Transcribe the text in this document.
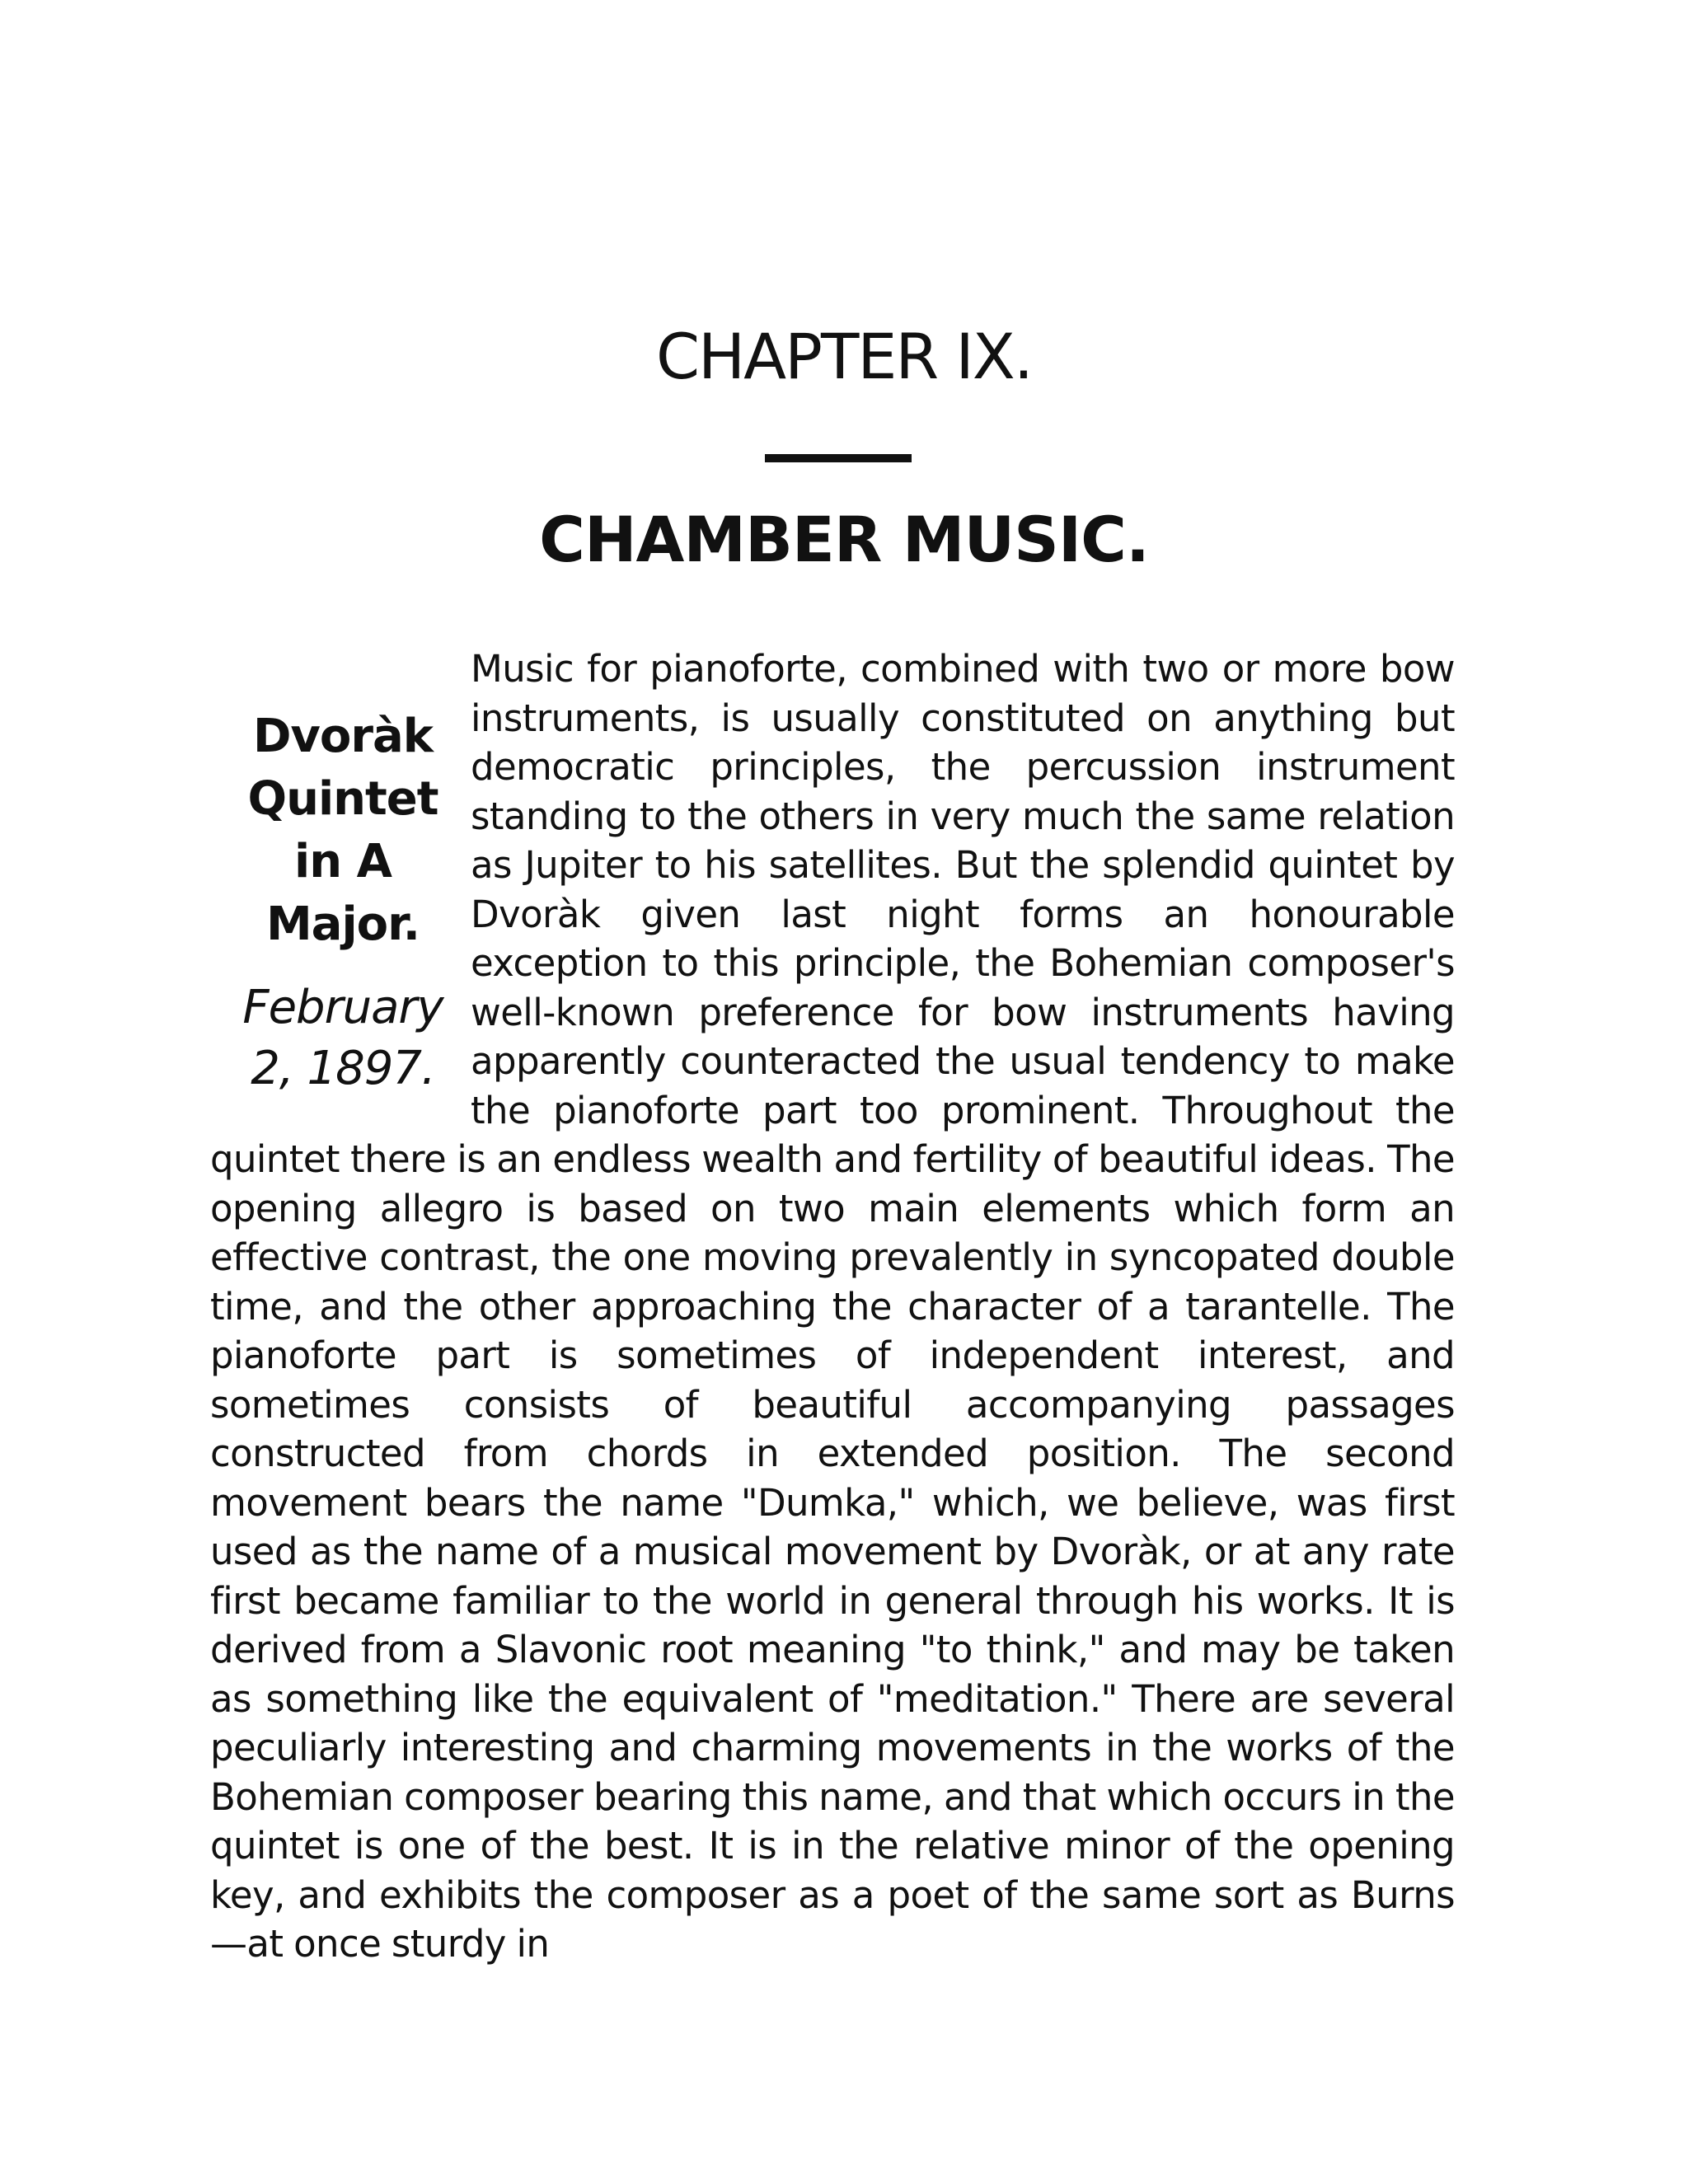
CHAPTER IX.
CHAMBER MUSIC.

Dvoràk

Quintet

in A

Major.

February

2, 1897.

Music for pianoforte, combined with two or more bow instruments, is usually constituted on anything but democratic principles, the percussion instrument standing to the others in very much the same relation as Jupiter to his satellites. But the splendid quintet by Dvoràk given last night forms an honourable exception to this principle, the Bohemian composer's well-known preference for bow instruments having apparently counteracted the usual tendency to make the pianoforte part too prominent. Throughout the quintet there is an endless wealth and fertility of beautiful ideas. The opening allegro is based on two main elements which form an effective contrast, the one moving prevalently in syncopated double time, and the other approaching the character of a tarantelle. The pianoforte part is sometimes of independent interest, and sometimes consists of beautiful accompanying passages constructed from chords in extended position. The second movement bears the name "Dumka," which, we believe, was first used as the name of a musical movement by Dvoràk, or at any rate first became familiar to the world in general through his works. It is derived from a Slavonic root meaning "to think," and may be taken as something like the equivalent of "meditation." There are several peculiarly interesting and charming movements in the works of the Bohemian composer bearing this name, and that which occurs in the quintet is one of the best. It is in the relative minor of the opening key, and exhibits the composer as a poet of the same sort as Burns—at once sturdy in
